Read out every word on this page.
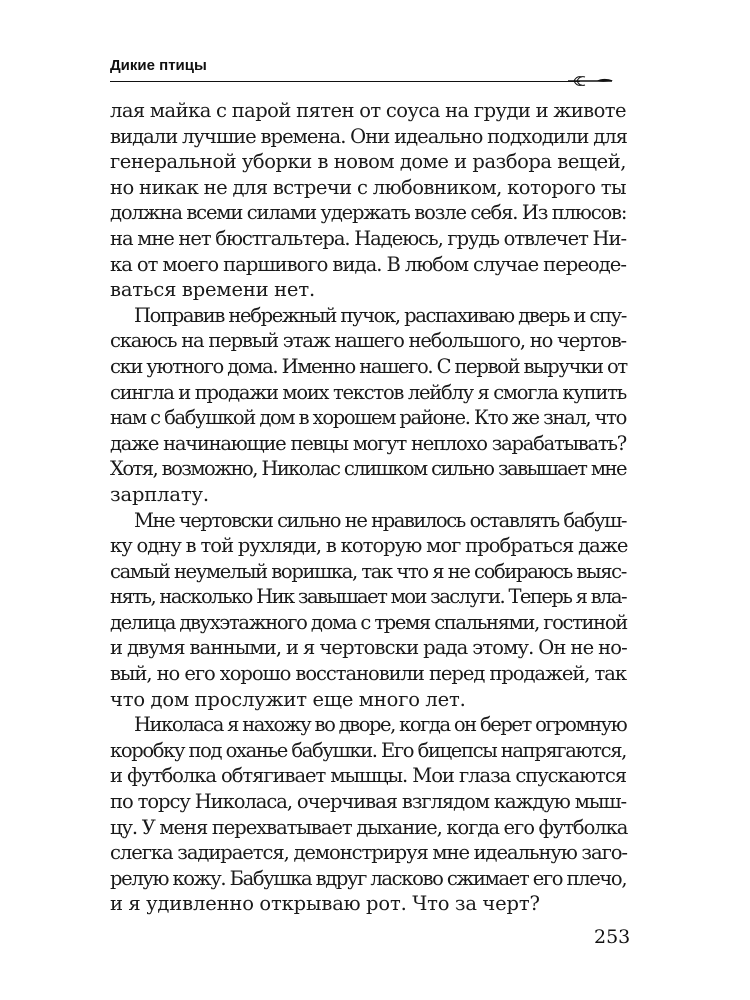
Дикие птицы
лая майка с парой пятен от соуса на груди и животе
видали лучшие времена. Они идеально подходили для
генеральной уборки в новом доме и разбора вещей,
но никак не для встречи с любовником, которого ты
должна всеми силами удержать возле себя. Из плюсов:
на мне нет бюстгальтера. Надеюсь, грудь отвлечет Ни-
ка от моего паршивого вида. В любом случае переоде-
ваться времени нет.
Поправив небрежный пучок, распахиваю дверь и спу-
скаюсь на первый этаж нашего небольшого, но чертов-
ски уютного дома. Именно нашего. С первой выручки от
сингла и продажи моих текстов лейблу я смогла купить
нам с бабушкой дом в хорошем районе. Кто же знал, что
даже начинающие певцы могут неплохо зарабатывать?
Хотя, возможно, Николас слишком сильно завышает мне
зарплату.
Мне чертовски сильно не нравилось оставлять бабуш-
ку одну в той рухляди, в которую мог пробраться даже
самый неумелый воришка, так что я не собираюсь выяс-
нять, насколько Ник завышает мои заслуги. Теперь я вла-
делица двухэтажного дома с тремя спальнями, гостиной
и двумя ванными, и я чертовски рада этому. Он не но-
вый, но его хорошо восстановили перед продажей, так
что дом прослужит еще много лет.
Николаса я нахожу во дворе, когда он берет огромную
коробку под оханье бабушки. Его бицепсы напрягаются,
и футболка обтягивает мышцы. Мои глаза спускаются
по торсу Николаса, очерчивая взглядом каждую мыш-
цу. У меня перехватывает дыхание, когда его футболка
слегка задирается, демонстрируя мне идеальную заго-
релую кожу. Бабушка вдруг ласково сжимает его плечо,
и я удивленно открываю рот. Что за черт?
253
